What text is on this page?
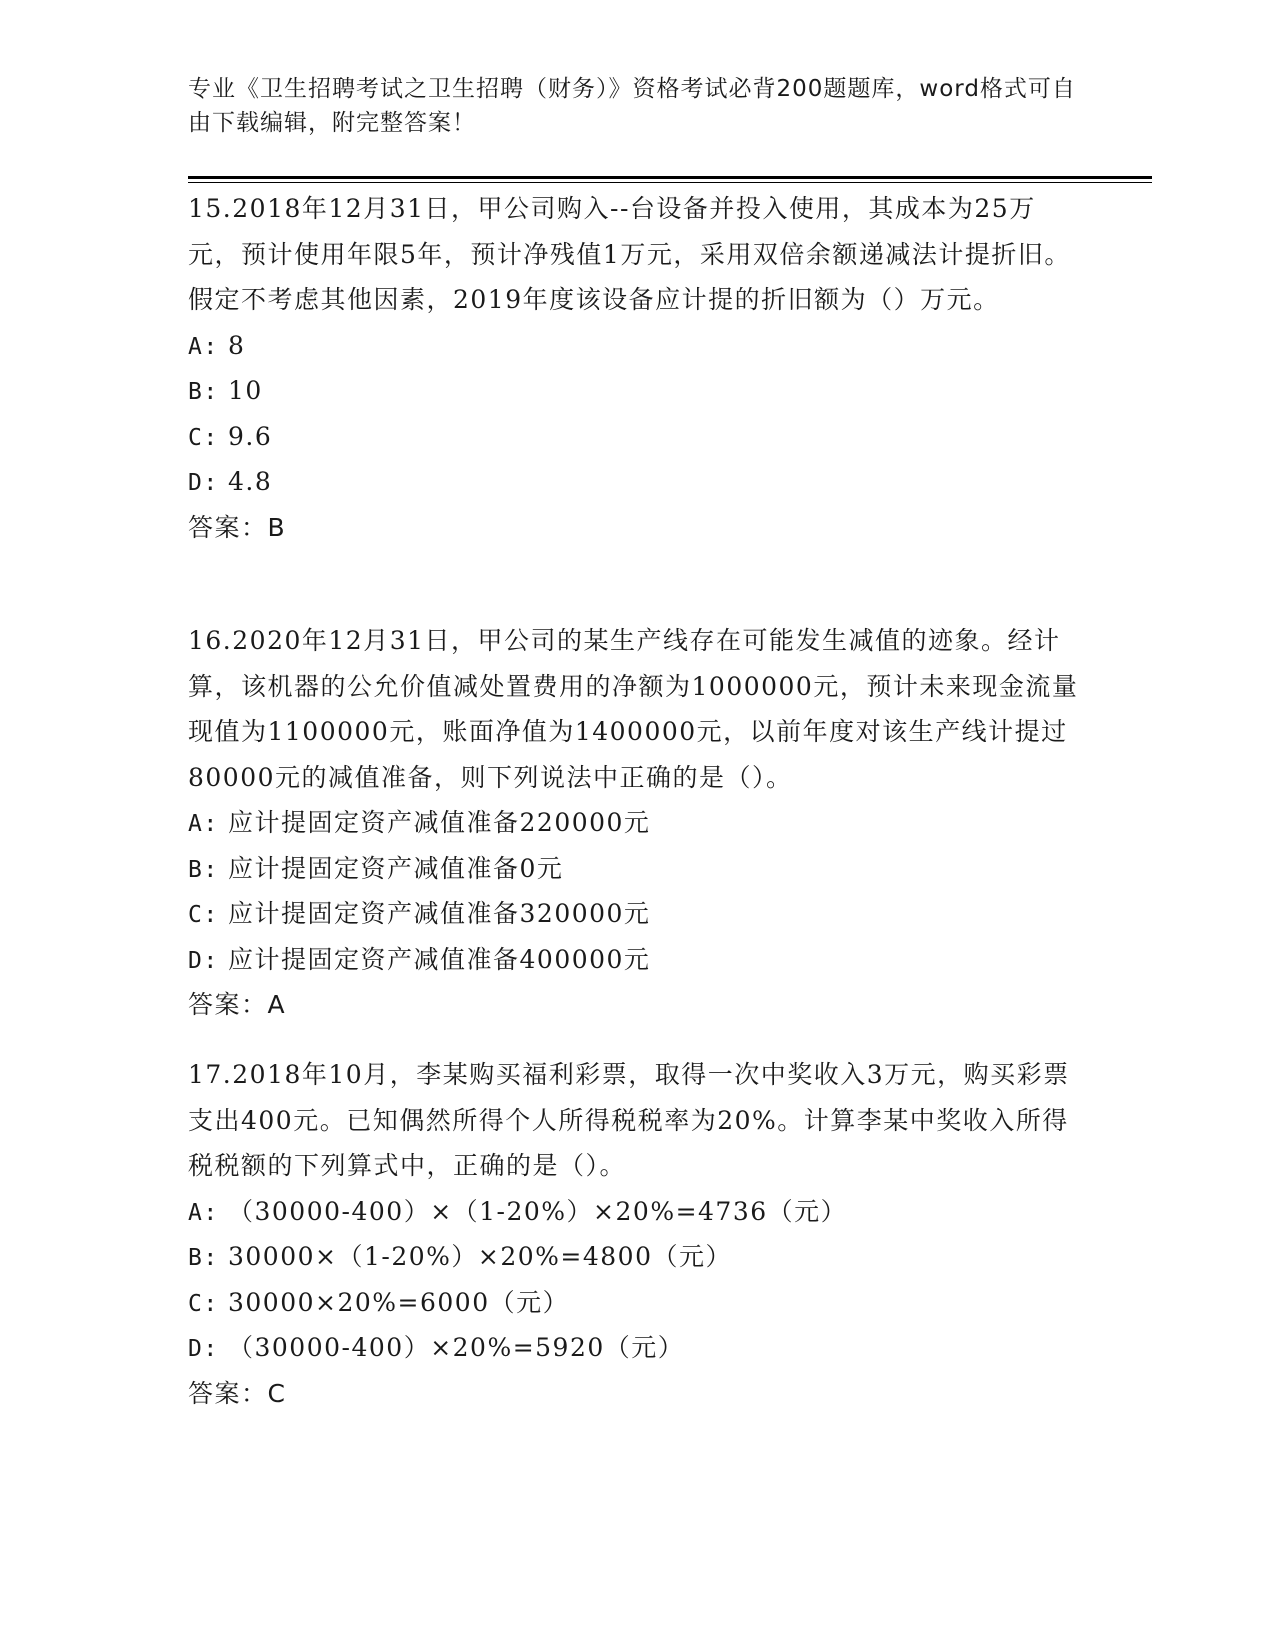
专业《卫生招聘考试之卫生招聘（财务）》资格考试必背200题题库，word格式可自由下载编辑，附完整答案！

15.2018年12月31日，甲公司购入--台设备并投入使用，其成本为25万元，预计使用年限5年，预计净残值1万元，采用双倍余额递减法计提折旧。假定不考虑其他因素，2019年度该设备应计提的折旧额为（）万元。

A: 8
B: 10
C: 9.6
D: 4.8

答案：B

16.2020年12月31日，甲公司的某生产线存在可能发生减值的迹象。经计算，该机器的公允价值减处置费用的净额为1000000元，预计未来现金流量现值为1100000元，账面净值为1400000元，以前年度对该生产线计提过80000元的减值准备，则下列说法中正确的是（）。

A: 应计提固定资产减值准备220000元
B: 应计提固定资产减值准备0元
C: 应计提固定资产减值准备320000元
D: 应计提固定资产减值准备400000元

答案：A

17.2018年10月，李某购买福利彩票，取得一次中奖收入3万元，购买彩票支出400元。已知偶然所得个人所得税税率为20%。计算李某中奖收入所得税税额的下列算式中，正确的是（）。

A: （30000-400）×（1-20%）×20%=4736（元）
B: 30000×（1-20%）×20%=4800（元）
C: 30000×20%=6000（元）
D: （30000-400）×20%=5920（元）

答案：C
